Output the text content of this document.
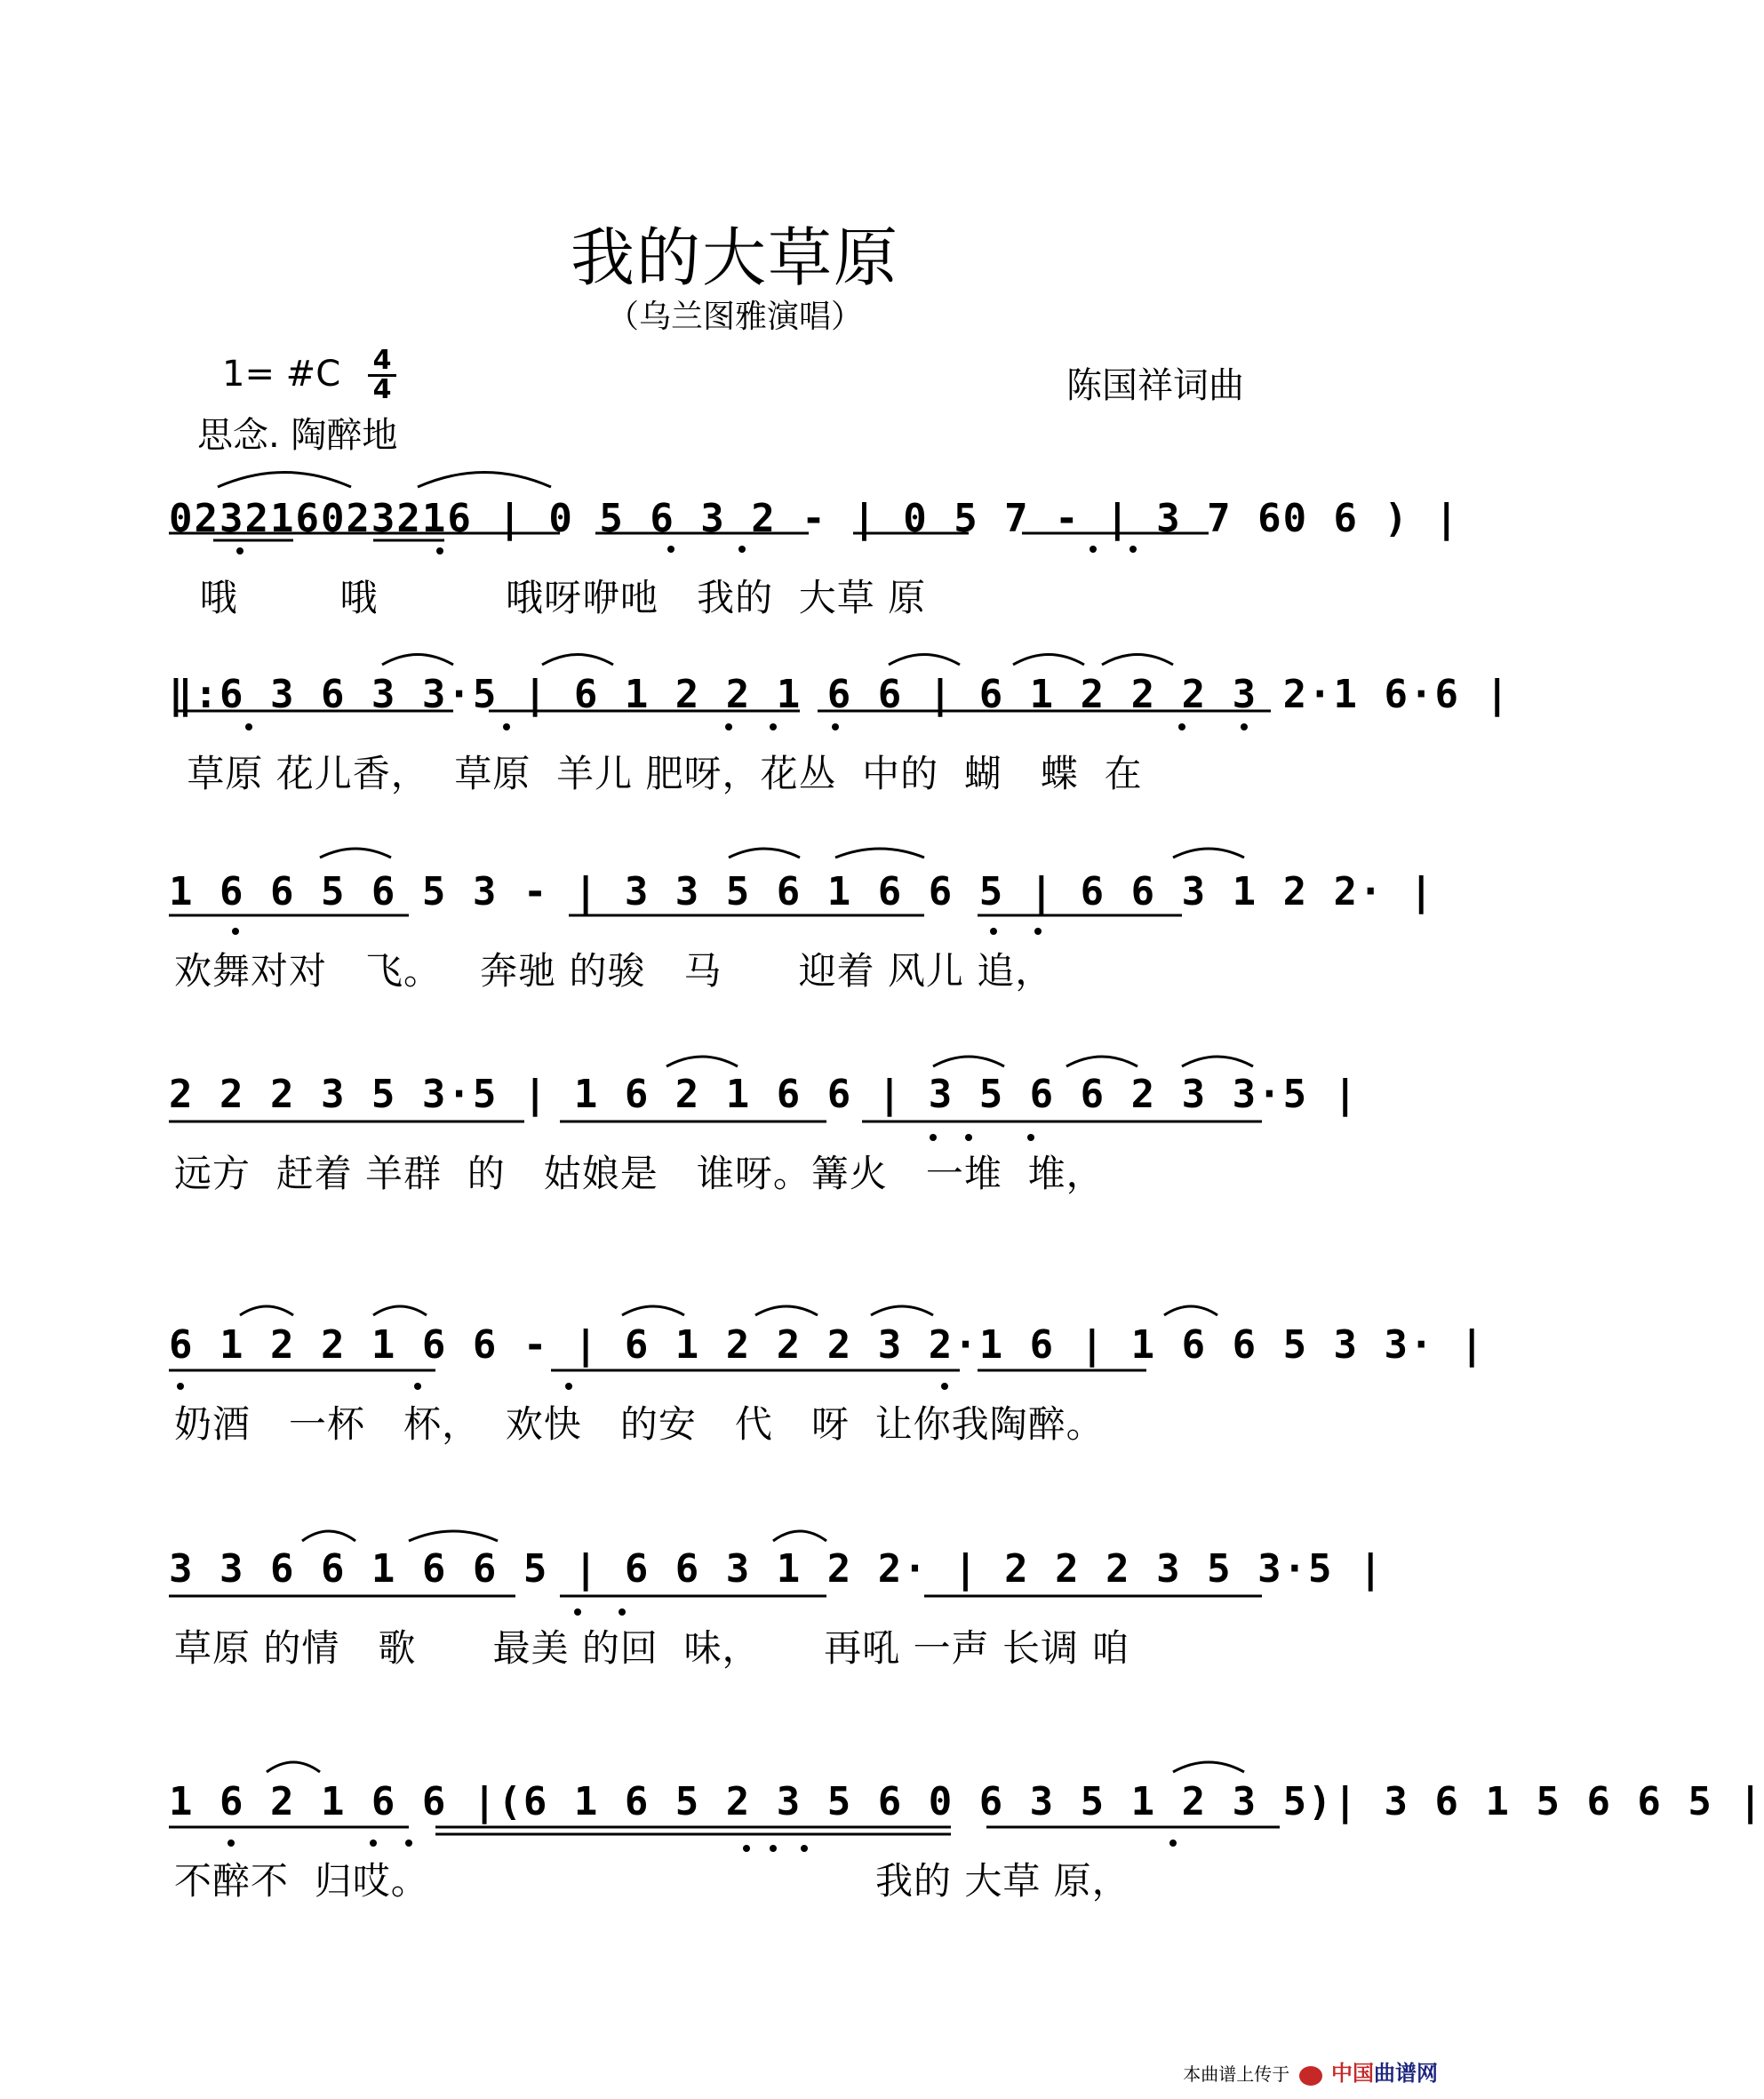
我的大草原
（乌兰图雅演唱）
1= #C	4
4	陈国祥词曲
思念. 陶醉地
023216023216 | 0 5 6 3 2 - | 0 5 7 - | 3 7 60 6 ) |
哦        哦          哦呀咿吔   我的  大草 原
‖:6 3 6 3 3·5 | 6 1 2 2 1 6 6 | 6 1 2 2 2 3 2·1 6·6 |
草原 花儿香，  草原  羊儿 肥呀，花丛  中的  蝴   蝶  在
1 6 6 5 6 5 3 - | 3 3 5 6 1 6 6 5 | 6 6 3 1 2 2· |
欢舞对对   飞。   奔驰 的骏   马      迎着 风儿 追，
2 2 2 3 5 3·5 | 1 6 2 1 6 6 | 3 5 6 6 2 3 3·5 |
远方  赶着 羊群  的   姑娘是   谁呀。篝火   一堆  堆，
6 1 2 2 1 6 6 - | 6 1 2 2 2 3 2·1 6 | 1 6 6 5 3 3· |
奶酒   一杯   杯，  欢快   的安   代   呀  让你我陶醉。
3 3 6 6 1 6 6 5 | 6 6 3 1 2 2· | 2 2 2 3 5 3·5 |
草原 的情   歌      最美 的回  味，     再吼 一声 长调 咱
1 6 2 1 6 6 |(6 1 6 5 2 3 5 6 0 6 3 5 1 2 3 5)| 3 6 1 5 6 6 5 |
不醉不  归哎。                                   我的 大草 原，
本曲谱上传于 中国曲谱网
